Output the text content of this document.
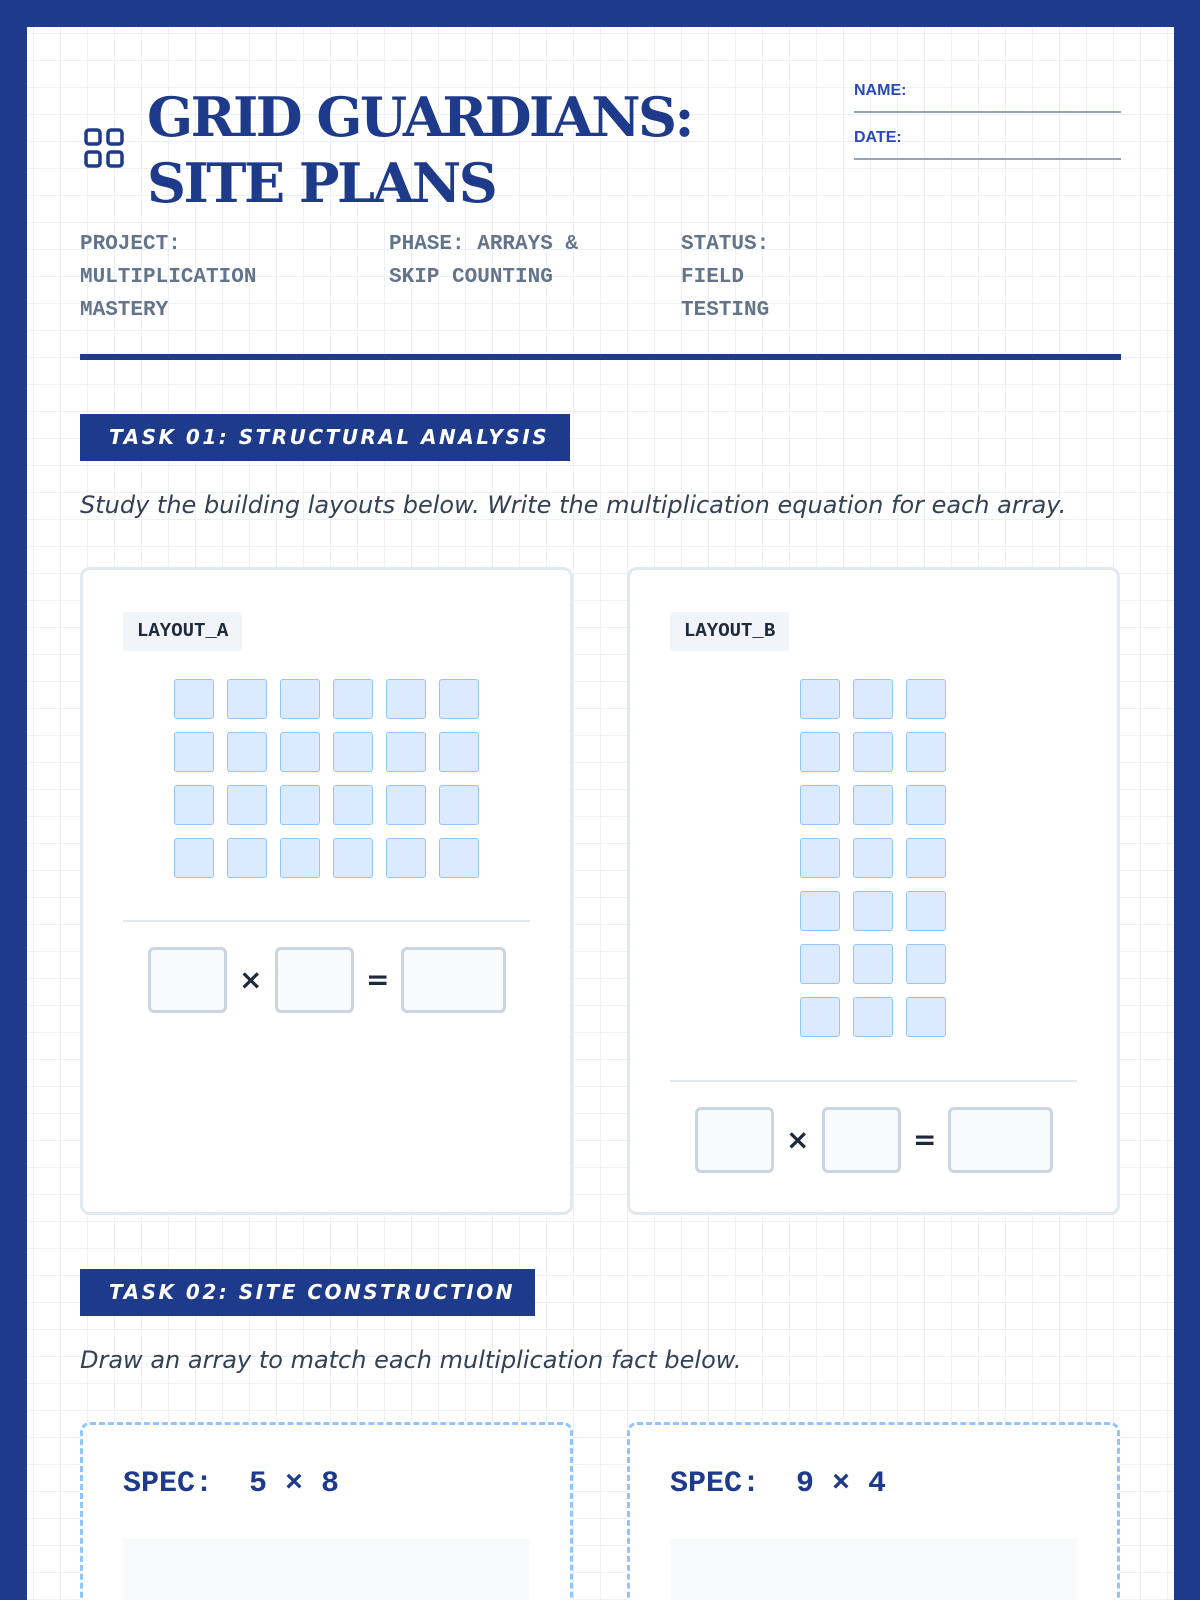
GRID GUARDIANS: SITE PLANS
NAME:
DATE:
PROJECT: MULTIPLICATION MASTERY
PHASE: ARRAYS & SKIP COUNTING
STATUS: FIELD TESTING
TASK 01: STRUCTURAL ANALYSIS
Study the building layouts below. Write the multiplication equation for each array.
LAYOUT_A
×	=
LAYOUT_B
×	=
TASK 02: SITE CONSTRUCTION
Draw an array to match each multiplication fact below.
SPEC:  5 × 8	SPEC:  9 × 4
